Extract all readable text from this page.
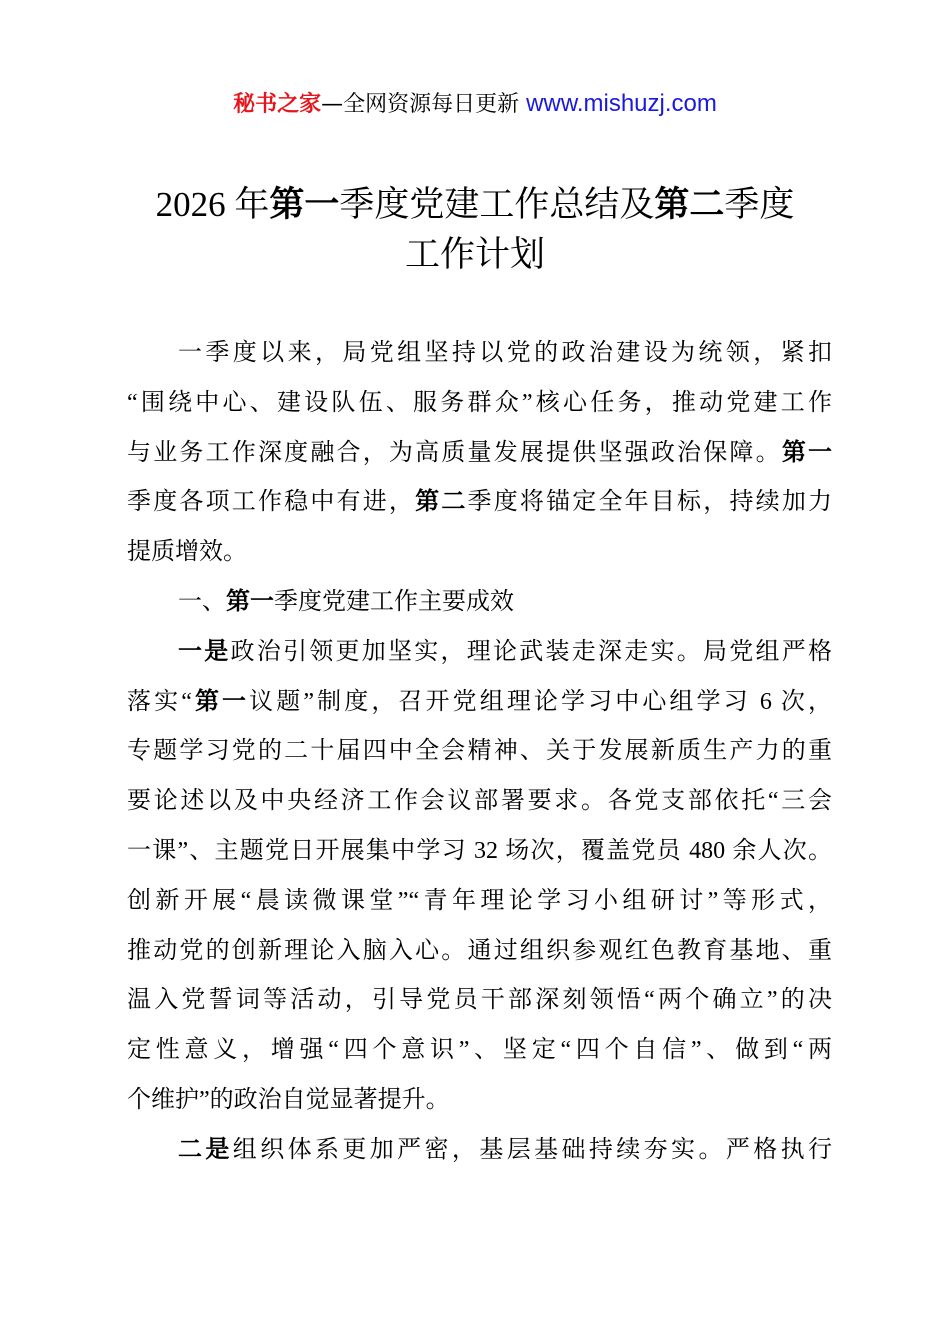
秘书之家—全网资源每日更新 www.mishuzj.com
2026 年第一季度党建工作总结及第二季度
工作计划
一季度以来，局党组坚持以党的政治建设为统领，紧扣
“围绕中心、建设队伍、服务群众”核心任务，推动党建工作
与业务工作深度融合，为高质量发展提供坚强政治保障。第一
季度各项工作稳中有进，第二季度将锚定全年目标，持续加力
提质增效。
一、第一季度党建工作主要成效
一是政治引领更加坚实，理论武装走深走实。局党组严格
落实“第一议题”制度，召开党组理论学习中心组学习 6 次，
专题学习党的二十届四中全会精神、关于发展新质生产力的重
要论述以及中央经济工作会议部署要求。各党支部依托“三会
一课”、主题党日开展集中学习 32 场次，覆盖党员 480 余人次。
创新开展“晨读微课堂”“青年理论学习小组研讨”等形式，
推动党的创新理论入脑入心。通过组织参观红色教育基地、重
温入党誓词等活动，引导党员干部深刻领悟“两个确立”的决
定性意义，增强“四个意识”、坚定“四个自信”、做到“两
个维护”的政治自觉显著提升。
二是组织体系更加严密，基层基础持续夯实。严格执行
